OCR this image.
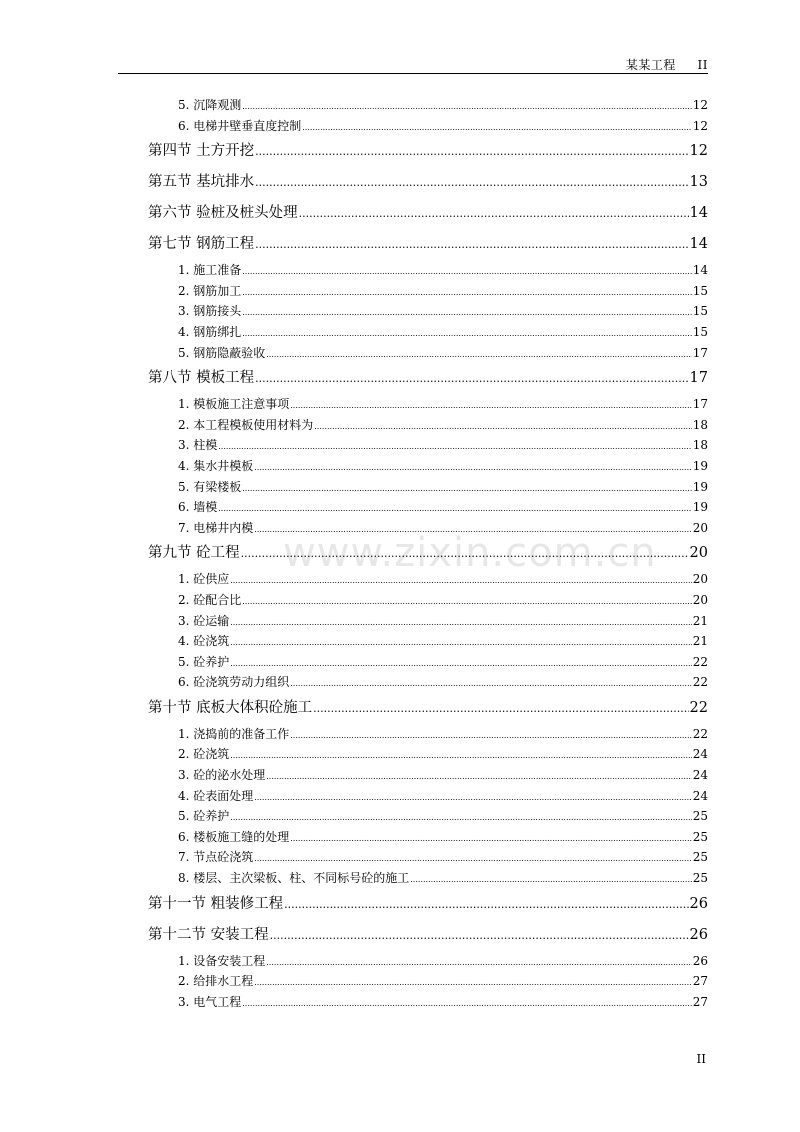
某某工程 II
www.zixin.com.cn
5. 沉降观测 .....	12
6. 电梯井壁垂直度控制 .....	12
第四节 土方开挖 .....	12
第五节 基坑排水 .....	13
第六节 验桩及桩头处理 .....	14
第七节 钢筋工程 .....	14
1. 施工准备 .....	14
2. 钢筋加工 .....	15
3. 钢筋接头 .....	15
4. 钢筋绑扎 .....	15
5. 钢筋隐蔽验收 .....	17
第八节 模板工程 .....	17
1. 模板施工注意事项 .....	17
2. 本工程模板使用材料为 .....	18
3. 柱模 .....	18
4. 集水井模板 .....	19
5. 有梁楼板 .....	19
6. 墙模 .....	19
7. 电梯井内模 .....	20
第九节 砼工程 .....	20
1. 砼供应 .....	20
2. 砼配合比 .....	20
3. 砼运输 .....	21
4. 砼浇筑 .....	21
5. 砼养护 .....	22
6. 砼浇筑劳动力组织 .....	22
第十节 底板大体积砼施工 .....	22
1. 浇捣前的准备工作 .....	22
2. 砼浇筑 .....	24
3. 砼的泌水处理 .....	24
4. 砼表面处理 .....	24
5. 砼养护 .....	25
6. 楼板施工缝的处理 .....	25
7. 节点砼浇筑 .....	25
8. 楼层、主次梁板、柱、不同标号砼的施工 .....	25
第十一节 粗装修工程 .....	26
第十二节 安装工程 .....	26
1. 设备安装工程 .....	26
2. 给排水工程 .....	27
3. 电气工程 .....	27
II
